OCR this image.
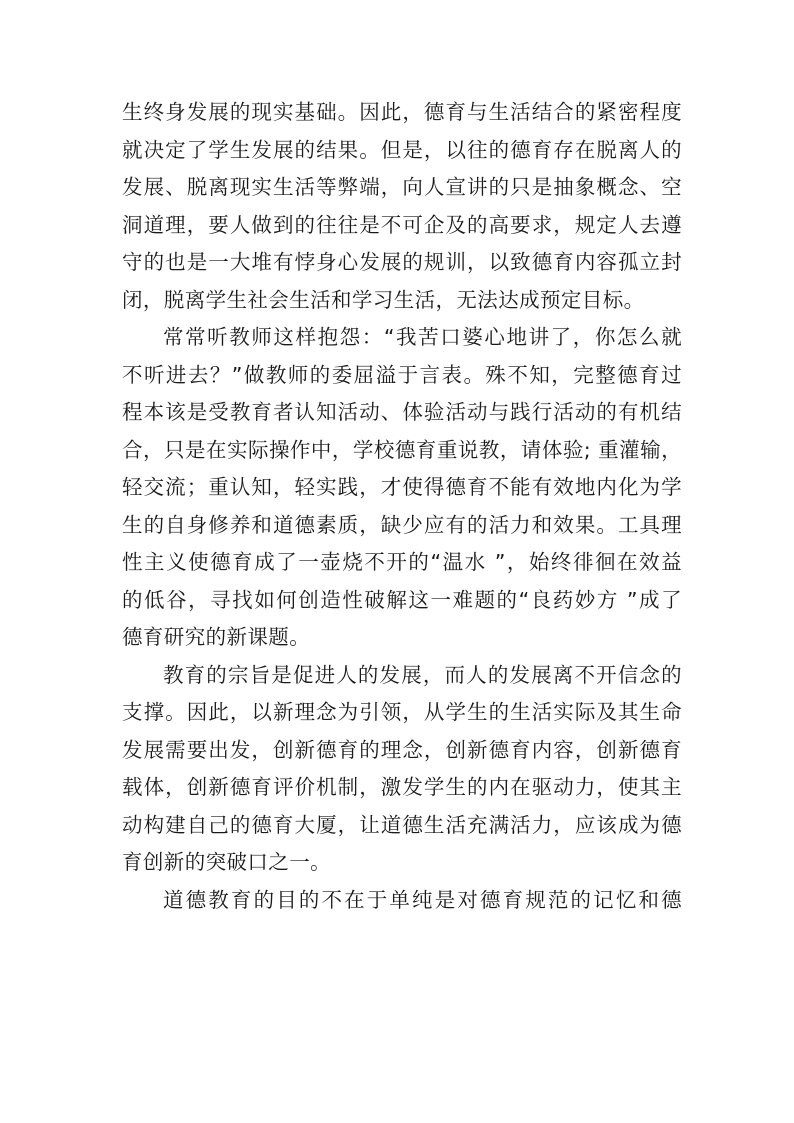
生终身发展的现实基础。因此，德育与生活结合的紧密程度
就决定了学生发展的结果。但是，以往的德育存在脱离人的
发展、脱离现实生活等弊端，向人宣讲的只是抽象概念、空
洞道理，要人做到的往往是不可企及的高要求，规定人去遵
守的也是一大堆有悖身心发展的规训，以致德育内容孤立封
闭，脱离学生社会生活和学习生活，无法达成预定目标。
常常听教师这样抱怨：“我苦口婆心地讲了，你怎么就
不听进去？”做教师的委屈溢于言表。殊不知，完整德育过
程本该是受教育者认知活动、体验活动与践行活动的有机结
合，只是在实际操作中，学校德育重说教，请体验; 重灌输，
轻交流；重认知，轻实践，才使得德育不能有效地内化为学
生的自身修养和道德素质，缺少应有的活力和效果。工具理
性主义使德育成了一壶烧不开的“温水 ”，始终徘徊在效益
的低谷，寻找如何创造性破解这一难题的“良药妙方 ”成了
德育研究的新课题。
教育的宗旨是促进人的发展，而人的发展离不开信念的
支撑。因此，以新理念为引领，从学生的生活实际及其生命
发展需要出发，创新德育的理念，创新德育内容，创新德育
载体，创新德育评价机制，激发学生的内在驱动力，使其主
动构建自己的德育大厦，让道德生活充满活力，应该成为德
育创新的突破口之一。
道德教育的目的不在于单纯是对德育规范的记忆和德
